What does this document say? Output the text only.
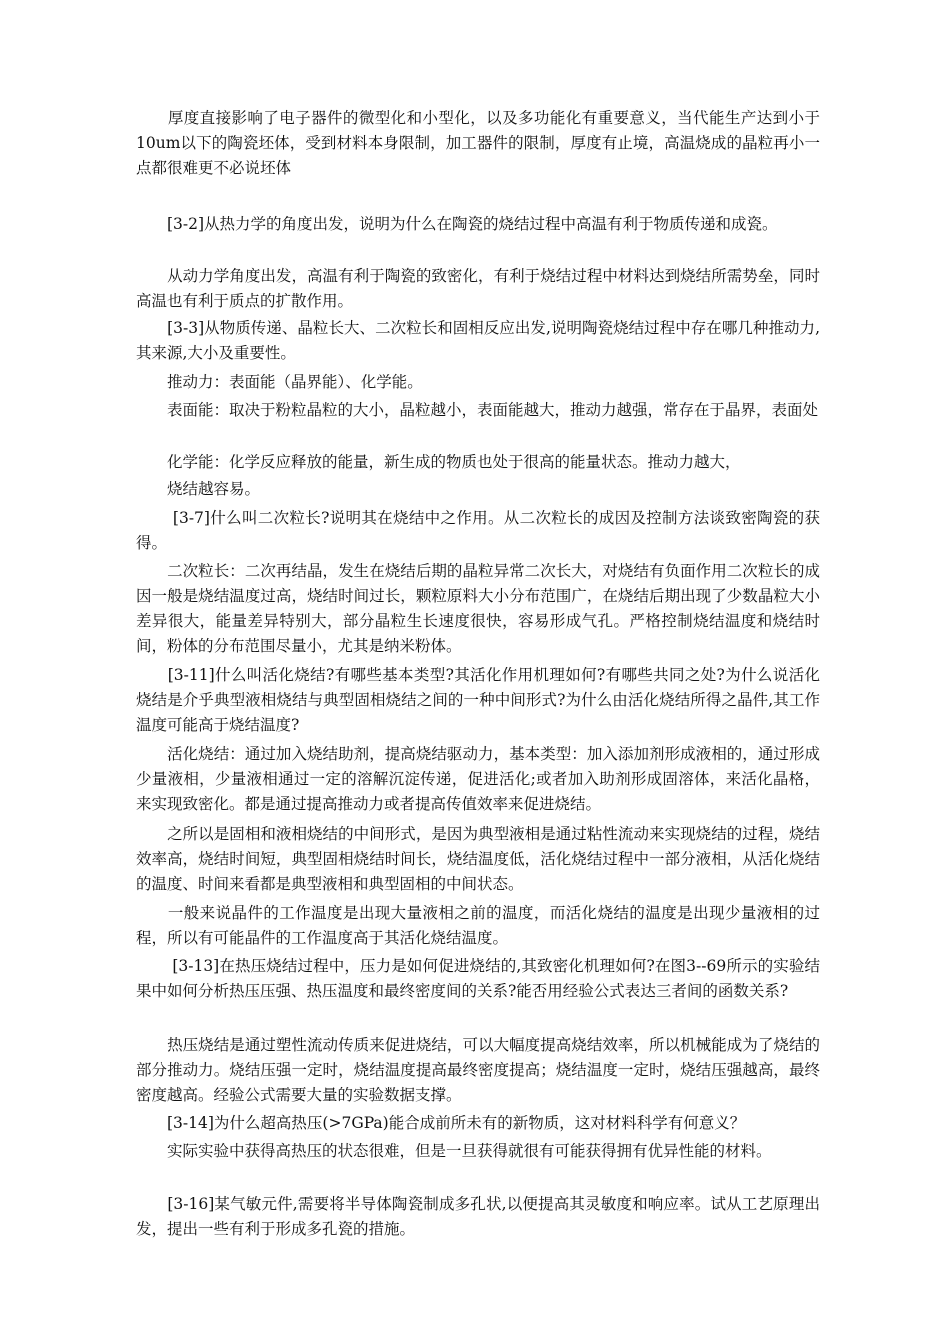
　　厚度直接影响了电子器件的微型化和小型化，以及多功能化有重要意义，当代能生产达到小于10um以下的陶瓷坯体，受到材料本身限制，加工器件的限制，厚度有止境，高温烧成的晶粒再小一点都很难更不必说坯体

　　[3-2]从热力学的角度出发，说明为什么在陶瓷的烧结过程中高温有利于物质传递和成瓷。

　　从动力学角度出发，高温有利于陶瓷的致密化，有利于烧结过程中材料达到烧结所需势垒，同时高温也有利于质点的扩散作用。

　　[3-3]从物质传递、晶粒长大、二次粒长和固相反应出发,说明陶瓷烧结过程中存在哪几种推动力,其来源,大小及重要性。

　　推动力：表面能（晶界能）、化学能。

　　表面能：取决于粉粒晶粒的大小，晶粒越小，表面能越大，推动力越强，常存在于晶界，表面处

　　化学能：化学反应释放的能量，新生成的物质也处于很高的能量状态。推动力越大，

　　烧结越容易。

　　 [3-7]什么叫二次粒长?说明其在烧结中之作用。从二次粒长的成因及控制方法谈致密陶瓷的获得。

　　二次粒长：二次再结晶，发生在烧结后期的晶粒异常二次长大，对烧结有负面作用二次粒长的成因一般是烧结温度过高，烧结时间过长，颗粒原料大小分布范围广，在烧结后期出现了少数晶粒大小差异很大，能量差异特别大，部分晶粒生长速度很快，容易形成气孔。严格控制烧结温度和烧结时间，粉体的分布范围尽量小，尤其是纳米粉体。

　　[3-11]什么叫活化烧结?有哪些基本类型?其活化作用机理如何?有哪些共同之处?为什么说活化烧结是介乎典型液相烧结与典型固相烧结之间的一种中间形式?为什么由活化烧结所得之晶件,其工作温度可能高于烧结温度?

　　活化烧结：通过加入烧结助剂，提高烧结驱动力，基本类型：加入添加剂形成液相的，通过形成少量液相，少量液相通过一定的溶解沉淀传递，促进活化;或者加入助剂形成固溶体，来活化晶格，来实现致密化。都是通过提高推动力或者提高传值效率来促进烧结。

　　之所以是固相和液相烧结的中间形式，是因为典型液相是通过粘性流动来实现烧结的过程，烧结效率高，烧结时间短，典型固相烧结时间长，烧结温度低，活化烧结过程中一部分液相，从活化烧结的温度、时间来看都是典型液相和典型固相的中间状态。

　　一般来说晶件的工作温度是出现大量液相之前的温度，而活化烧结的温度是出现少量液相的过程，所以有可能晶件的工作温度高于其活化烧结温度。

　　 [3-13]在热压烧结过程中，压力是如何促进烧结的,其致密化机理如何?在图3--69所示的实验结果中如何分析热压压强、热压温度和最终密度间的关系?能否用经验公式表达三者间的函数关系?

　　热压烧结是通过塑性流动传质来促进烧结，可以大幅度提高烧结效率，所以机械能成为了烧结的部分推动力。烧结压强一定时，烧结温度提高最终密度提高；烧结温度一定时，烧结压强越高，最终密度越高。经验公式需要大量的实验数据支撑。

　　[3-14]为什么超高热压(>7GPa)能合成前所未有的新物质，这对材料科学有何意义？

　　实际实验中获得高热压的状态很难，但是一旦获得就很有可能获得拥有优异性能的材料。

　　[3-16]某气敏元件,需要将半导体陶瓷制成多孔状,以便提高其灵敏度和响应率。试从工艺原理出发，提出一些有利于形成多孔瓷的措施。
